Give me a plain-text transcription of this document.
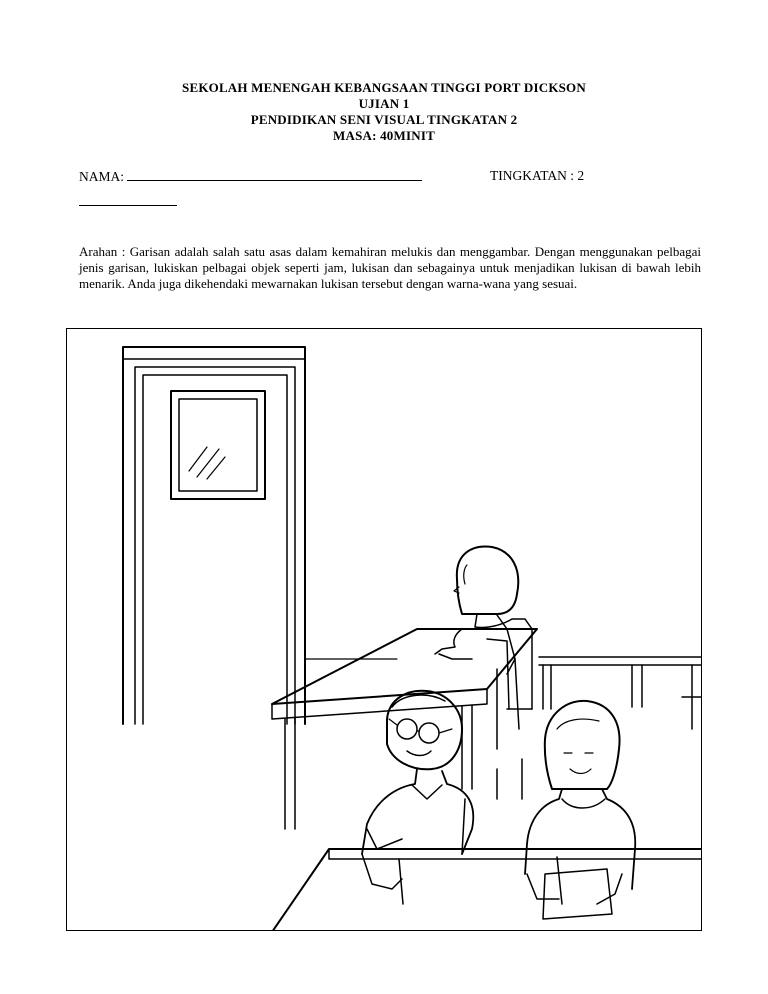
SEKOLAH MENENGAH KEBANGSAAN TINGGI PORT DICKSON
UJIAN 1
PENDIDIKAN SENI VISUAL TINGKATAN 2
MASA: 40MINIT
NAMA:	TINGKATAN : 2
Arahan : Garisan adalah salah satu asas dalam kemahiran melukis dan menggambar. Dengan menggunakan pelbagai jenis garisan, lukiskan pelbagai objek seperti jam, lukisan dan sebagainya untuk menjadikan lukisan di bawah lebih menarik. Anda juga dikehendaki mewarnakan lukisan tersebut dengan warna-wana yang sesuai.
